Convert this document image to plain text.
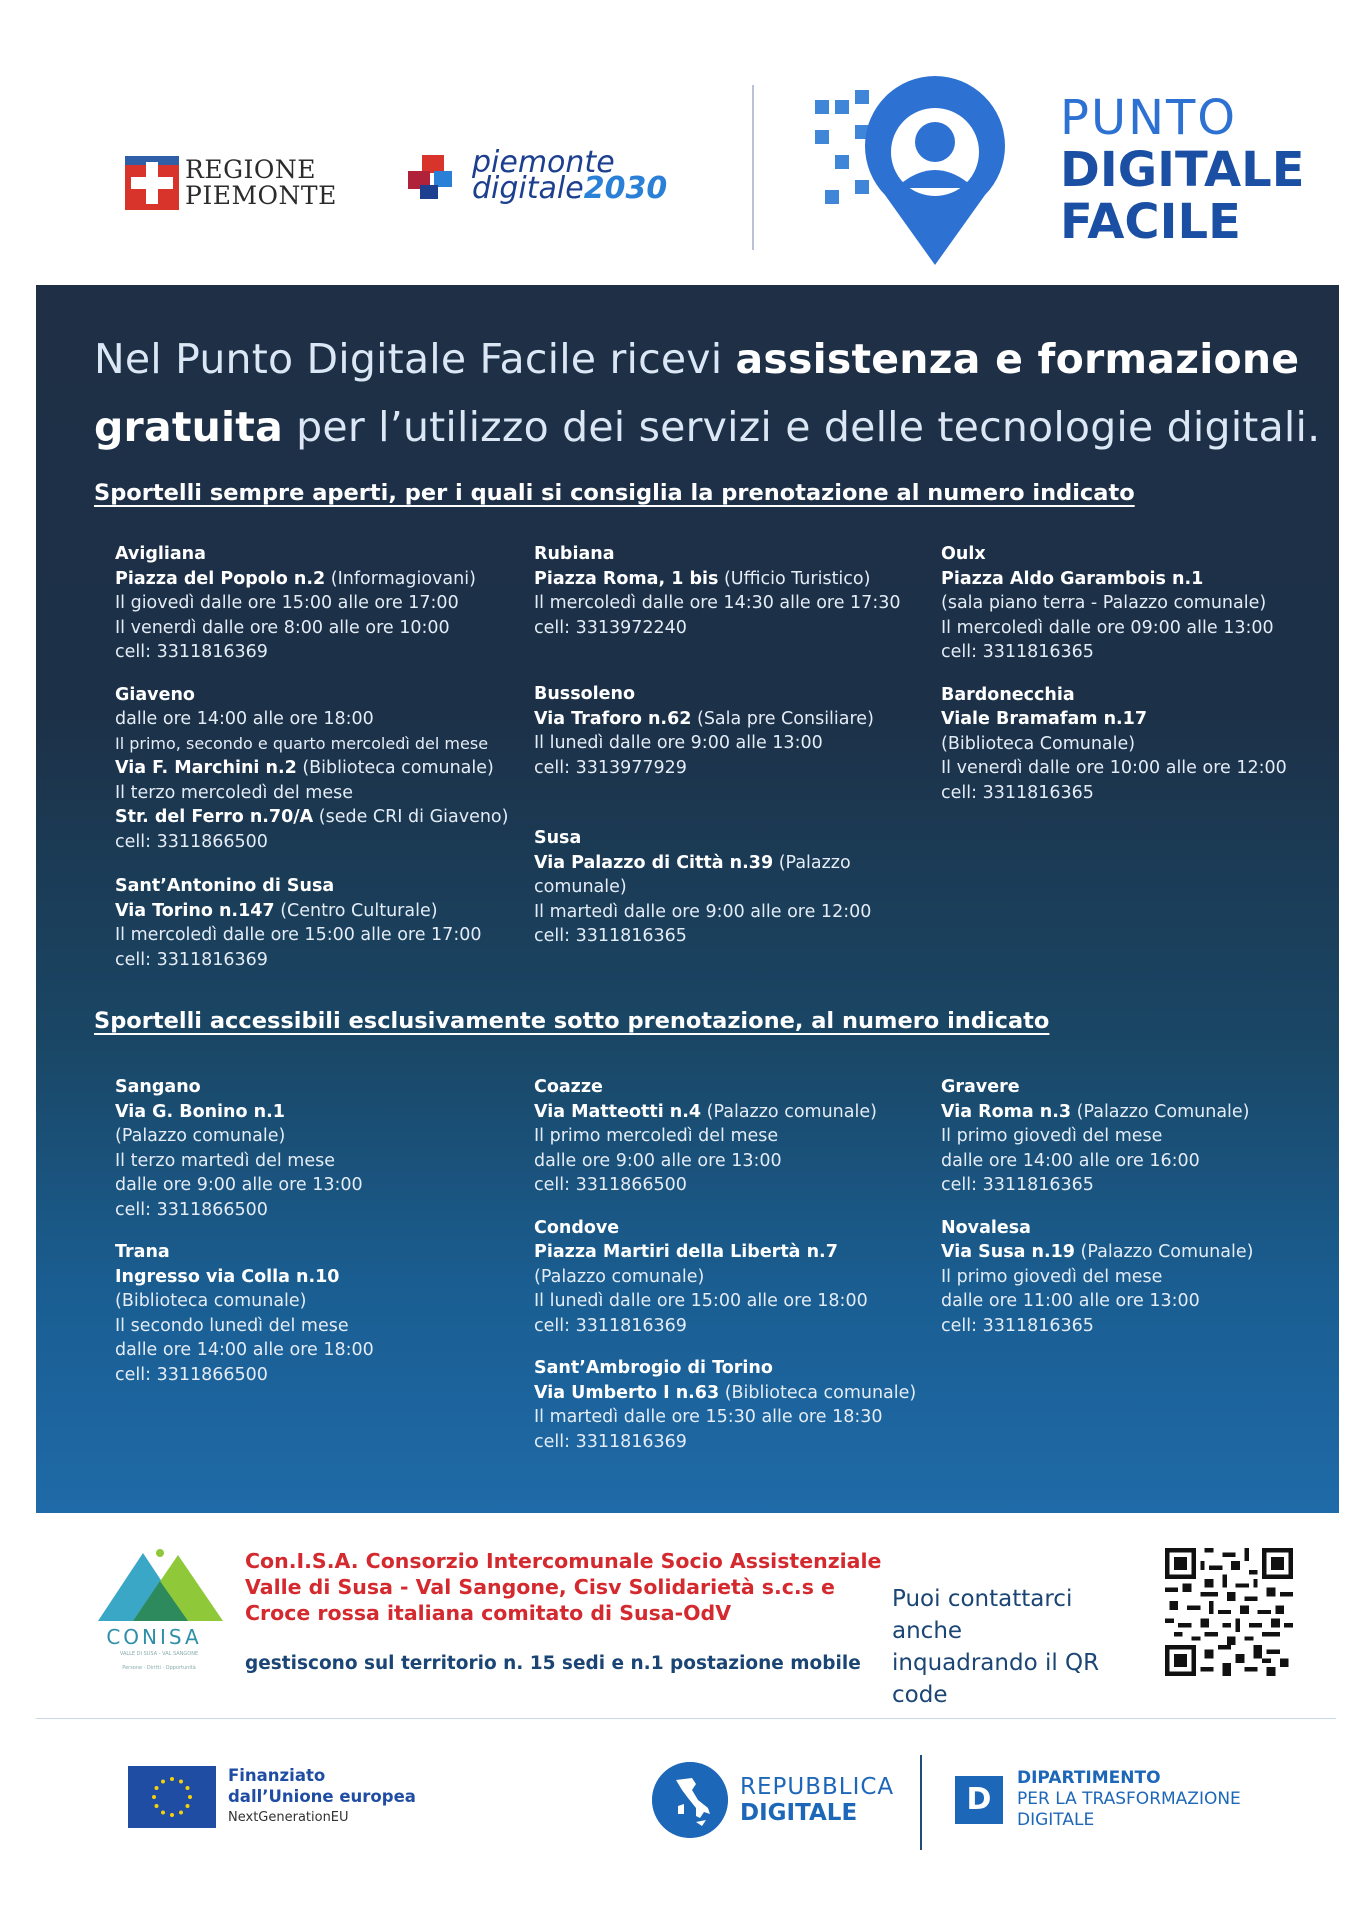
REGIONE
PIEMONTE
piemonte
digitale2030
PUNTO
DIGITALE
FACILE
Nel Punto Digitale Facile ricevi assistenza e formazione
gratuita per l’utilizzo dei servizi e delle tecnologie digitali.
Sportelli sempre aperti, per i quali si consiglia la prenotazione al numero indicato
Avigliana
Piazza del Popolo n.2 (Informagiovani)
Il giovedì dalle ore 15:00 alle ore 17:00
Il venerdì dalle ore 8:00 alle ore 10:00
cell: 3311816369
Giaveno
dalle ore 14:00 alle ore 18:00
Il primo, secondo e quarto mercoledì del mese
Via F. Marchini n.2 (Biblioteca comunale)
Il terzo mercoledì del mese
Str. del Ferro n.70/A (sede CRI di Giaveno)
cell: 3311866500
Sant’Antonino di Susa
Via Torino n.147 (Centro Culturale)
Il mercoledì dalle ore 15:00 alle ore 17:00
cell: 3311816369
Rubiana
Piazza Roma, 1 bis (Ufficio Turistico)
Il mercoledì dalle ore 14:30 alle ore 17:30
cell: 3313972240
Bussoleno
Via Traforo n.62 (Sala pre Consiliare)
Il lunedì dalle ore 9:00 alle 13:00
cell: 3313977929
Susa
Via Palazzo di Città n.39 (Palazzo comunale)
Il martedì dalle ore 9:00 alle ore 12:00
cell: 3311816365
Oulx
Piazza Aldo Garambois n.1
(sala piano terra - Palazzo comunale)
Il mercoledì dalle ore 09:00 alle 13:00
cell: 3311816365
Bardonecchia
Viale Bramafam n.17
(Biblioteca Comunale)
Il venerdì dalle ore 10:00 alle ore 12:00
cell: 3311816365
Sportelli accessibili esclusivamente sotto prenotazione, al numero indicato
Sangano
Via G. Bonino n.1
(Palazzo comunale)
Il terzo martedì del mese
dalle ore 9:00 alle ore 13:00
cell: 3311866500
Trana
Ingresso via Colla n.10
(Biblioteca comunale)
Il secondo lunedì del mese
dalle ore 14:00 alle ore 18:00
cell: 3311866500
Coazze
Via Matteotti n.4 (Palazzo comunale)
Il primo mercoledì del mese
dalle ore 9:00 alle ore 13:00
cell: 3311866500
Condove
Piazza Martiri della Libertà n.7
(Palazzo comunale)
Il lunedì dalle ore 15:00 alle ore 18:00
cell: 3311816369
Sant’Ambrogio di Torino
Via Umberto I n.63 (Biblioteca comunale)
Il martedì dalle ore 15:30 alle ore 18:30
cell: 3311816369
Gravere
Via Roma n.3 (Palazzo Comunale)
Il primo giovedì del mese
dalle ore 14:00 alle ore 16:00
cell: 3311816365
Novalesa
Via Susa n.19 (Palazzo Comunale)
Il primo giovedì del mese
dalle ore 11:00 alle ore 13:00
cell: 3311816365
CONISA
VALLE DI SUSA - VAL SANGONE
Persone · Diritti · Opportunità
Con.I.S.A. Consorzio Intercomunale Socio Assistenziale
Valle di Susa - Val Sangone, Cisv Solidarietà s.c.s e
Croce rossa italiana comitato di Susa-OdV
gestiscono sul territorio n. 15 sedi e n.1 postazione mobile
Puoi contattarci anche
inquadrando il QR code
Finanziato
dall’Unione europea
NextGenerationEU
REPUBBLICA
DIGITALE	D
DIPARTIMENTO
PER LA TRASFORMAZIONE
DIGITALE
